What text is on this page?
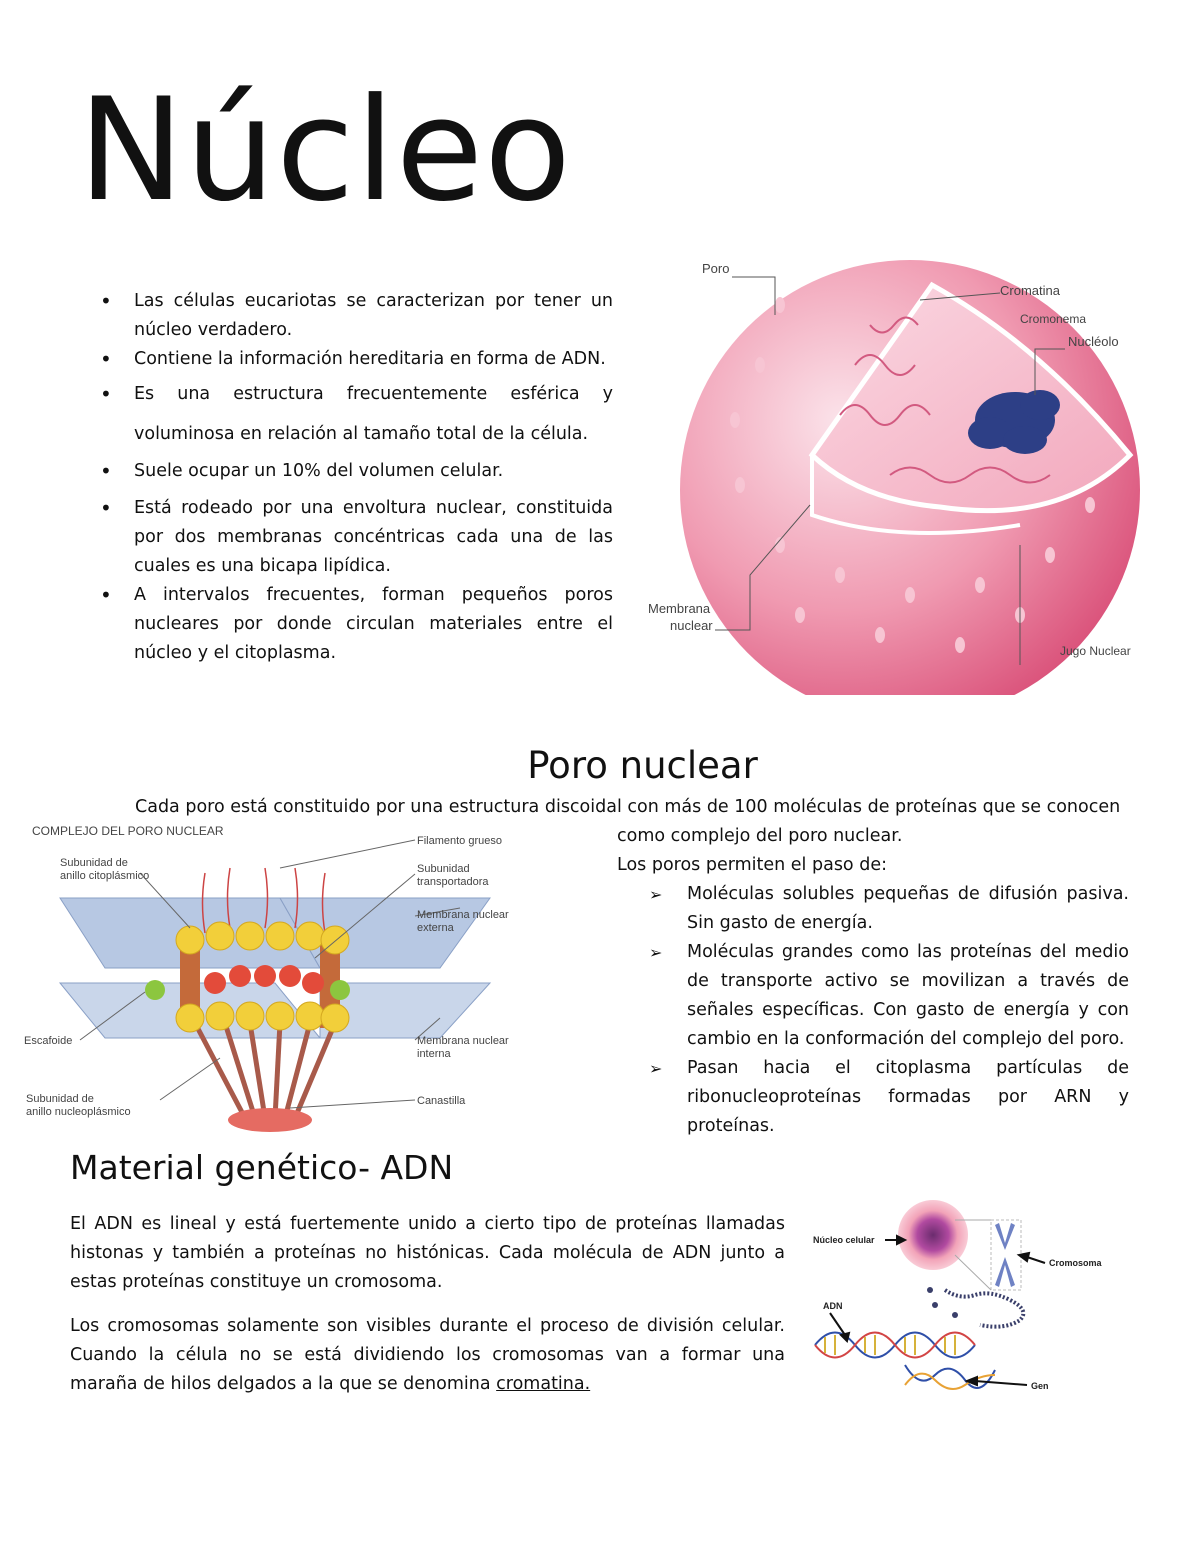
Núcleo
• Las células eucariotas se caracterizan por tener un núcleo verdadero.
• Contiene la información hereditaria en forma de ADN.
• Es una estructura frecuentemente esférica y voluminosa en relación al tamaño total de la célula.
• Suele ocupar un 10% del volumen celular.
• Está rodeado por una envoltura nuclear, constituida por dos membranas concéntricas cada una de las cuales es una bicapa lipídica.
• A intervalos frecuentes, forman pequeños poros nucleares por donde circulan materiales entre el núcleo y el citoplasma.
Poro
Cromatina
Cromonema
Nucléolo
Membrana
nuclear
Jugo Nuclear
Poro nuclear
Cada poro está constituido por una estructura discoidal con más de 100 moléculas de proteínas que se conocen
COMPLEJO DEL PORO NUCLEAR
Subunidad de
anillo citoplásmico
Filamento grueso
Subunidad
transportadora
Membrana nuclear
externa
Escafoide	Membrana nuclear
interna
Subunidad de
anillo nucleoplásmico
Canastilla
como complejo del poro nuclear.
Los poros permiten el paso de:
➢ Moléculas solubles pequeñas de difusión pasiva. Sin gasto de energía.
➢ Moléculas grandes como las proteínas del medio de transporte activo se movilizan a través de señales específicas. Con gasto de energía y con cambio en la conformación del complejo del poro.
➢ Pasan hacia el citoplasma partículas de ribonucleoproteínas formadas por ARN y proteínas.
Material genético- ADN

El ADN es lineal y está fuertemente unido a cierto tipo de proteínas llamadas histonas y también a proteínas no histónicas. Cada molécula de ADN junto a estas proteínas constituye un cromosoma.

Los cromosomas solamente son visibles durante el proceso de división celular. Cuando la célula no se está dividiendo los cromosomas van a formar una maraña de hilos delgados a la que se denomina cromatina.

Núcleo celular
Cromosoma
ADN
Gen
